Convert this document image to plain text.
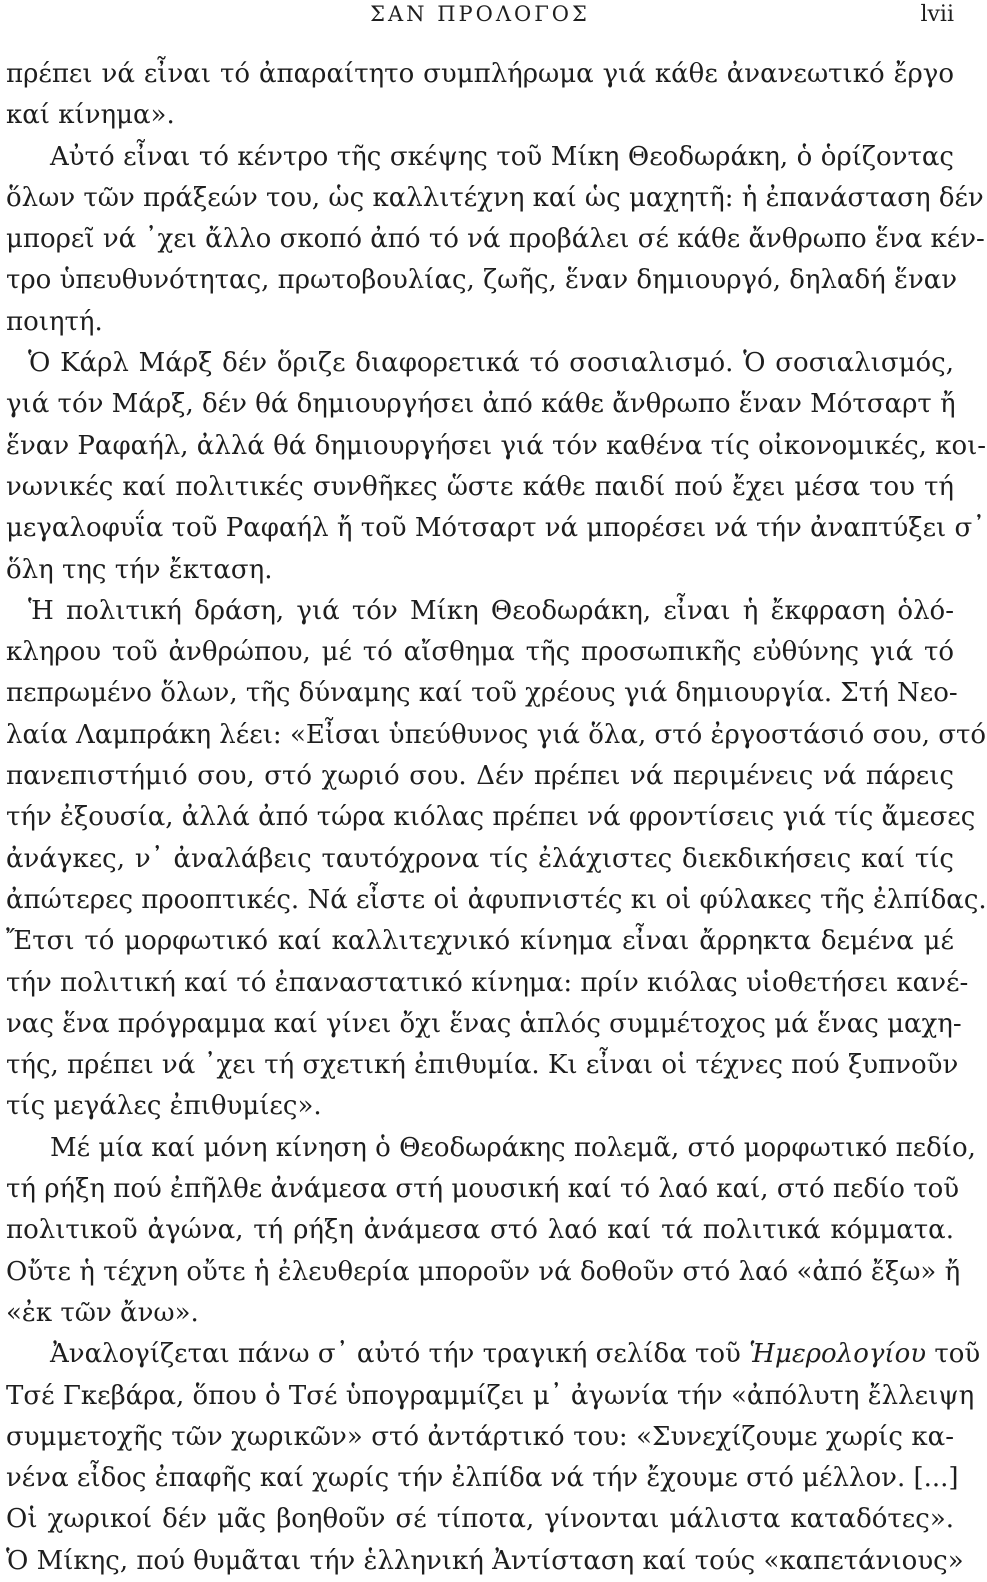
ΣΑΝ ΠΡΟΛΟΓΟΣ	lvii
πρέπει νά εἶναι τό ἀπαραίτητο συμπλήρωμα γιά κάθε ἀνανεωτικό ἔργο
καί κίνημα».
Αὐτό εἶναι τό κέντρο τῆς σκέψης τοῦ Μίκη Θεοδωράκη, ὁ ὁρίζοντας
ὅλων τῶν πράξεών του, ὡς καλλιτέχνη καί ὡς μαχητῆ: ἡ ἐπανάσταση δέν
μπορεῖ νά ᾽χει ἄλλο σκοπό ἀπό τό νά προβάλει σέ κάθε ἄνθρωπο ἕνα κέν-
τρο ὑπευθυνότητας, πρωτοβουλίας, ζωῆς, ἕναν δημιουργό, δηλαδή ἕναν
ποιητή.
Ὁ Κάρλ Μάρξ δέν ὅριζε διαφορετικά τό σοσιαλισμό. Ὁ σοσιαλισμός,
γιά τόν Μάρξ, δέν θά δημιουργήσει ἀπό κάθε ἄνθρωπο ἕναν Μότσαρτ ἤ
ἕναν Ραφαήλ, ἀλλά θά δημιουργήσει γιά τόν καθένα τίς οἰκονομικές, κοι-
νωνικές καί πολιτικές συνθῆκες ὥστε κάθε παιδί πού ἔχει μέσα του τή
μεγαλοφυΐα τοῦ Ραφαήλ ἤ τοῦ Μότσαρτ νά μπορέσει νά τήν ἀναπτύξει σ᾽
ὅλη της τήν ἔκταση.
Ἡ πολιτική δράση, γιά τόν Μίκη Θεοδωράκη, εἶναι ἡ ἔκφραση ὁλό-
κληρου τοῦ ἀνθρώπου, μέ τό αἴσθημα τῆς προσωπικῆς εὐθύνης γιά τό
πεπρωμένο ὅλων, τῆς δύναμης καί τοῦ χρέους γιά δημιουργία. Στή Νεο-
λαία Λαμπράκη λέει: «Εἶσαι ὑπεύθυνος γιά ὅλα, στό ἐργοστάσιό σου, στό
πανεπιστήμιό σου, στό χωριό σου. Δέν πρέπει νά περιμένεις νά πάρεις
τήν ἐξουσία, ἀλλά ἀπό τώρα κιόλας πρέπει νά φροντίσεις γιά τίς ἄμεσες
ἀνάγκες, ν᾽ ἀναλάβεις ταυτόχρονα τίς ἐλάχιστες διεκδικήσεις καί τίς
ἀπώτερες προοπτικές. Νά εἶστε οἱ ἀφυπνιστές κι οἱ φύλακες τῆς ἐλπίδας.
Ἔτσι τό μορφωτικό καί καλλιτεχνικό κίνημα εἶναι ἄρρηκτα δεμένα μέ
τήν πολιτική καί τό ἐπαναστατικό κίνημα: πρίν κιόλας υἱοθετήσει κανέ-
νας ἕνα πρόγραμμα καί γίνει ὄχι ἕνας ἁπλός συμμέτοχος μά ἕνας μαχη-
τής, πρέπει νά ᾽χει τή σχετική ἐπιθυμία. Κι εἶναι οἱ τέχνες πού ξυπνοῦν
τίς μεγάλες ἐπιθυμίες».
Μέ μία καί μόνη κίνηση ὁ Θεοδωράκης πολεμᾶ, στό μορφωτικό πεδίο,
τή ρήξη πού ἐπῆλθε ἀνάμεσα στή μουσική καί τό λαό καί, στό πεδίο τοῦ
πολιτικοῦ ἀγώνα, τή ρήξη ἀνάμεσα στό λαό καί τά πολιτικά κόμματα.
Οὔτε ἡ τέχνη οὔτε ἡ ἐλευθερία μποροῦν νά δοθοῦν στό λαό «ἀπό ἔξω» ἤ
«ἐκ τῶν ἄνω».
Ἀναλογίζεται πάνω σ᾽ αὐτό τήν τραγική σελίδα τοῦ Ἡμερολογίου τοῦ
Τσέ Γκεβάρα, ὅπου ὁ Τσέ ὑπογραμμίζει μ᾽ ἀγωνία τήν «ἀπόλυτη ἔλλειψη
συμμετοχῆς τῶν χωρικῶν» στό ἀντάρτικό του: «Συνεχίζουμε χωρίς κα-
νένα εἶδος ἐπαφῆς καί χωρίς τήν ἐλπίδα νά τήν ἔχουμε στό μέλλον. [...]
Οἱ χωρικοί δέν μᾶς βοηθοῦν σέ τίποτα, γίνονται μάλιστα καταδότες».
Ὁ Μίκης, πού θυμᾶται τήν ἑλληνική Ἀντίσταση καί τούς «καπετάνιους»
